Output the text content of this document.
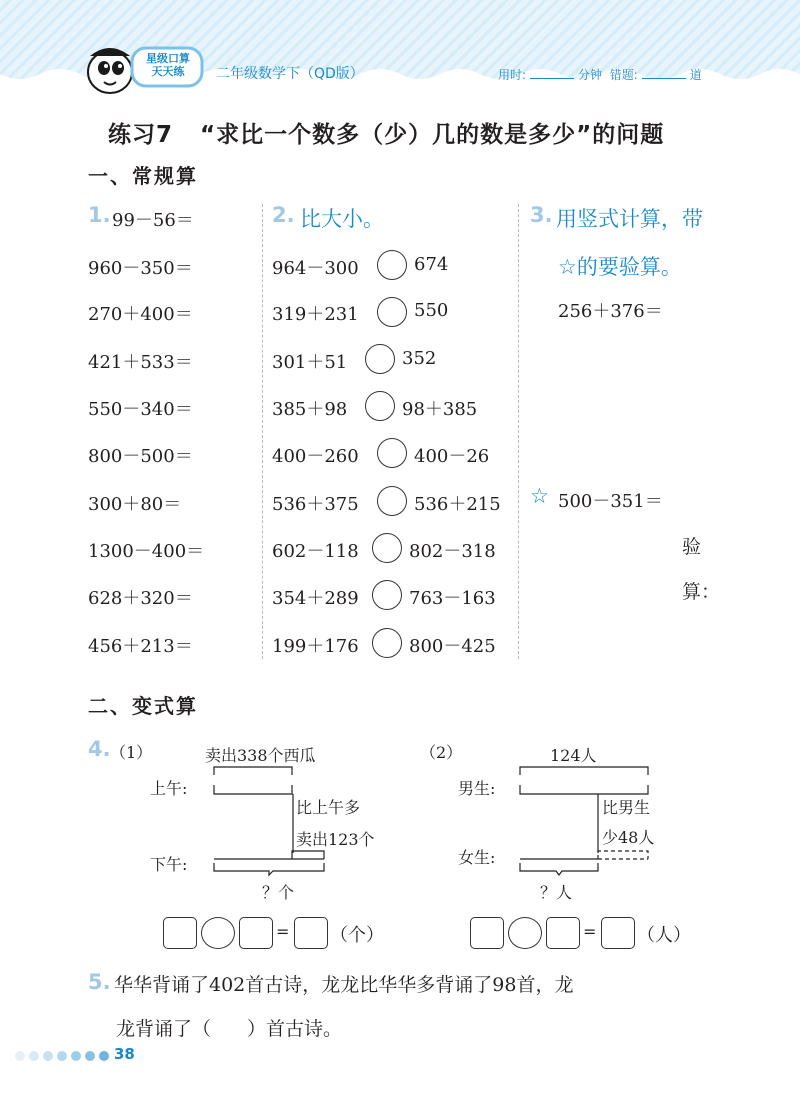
星级口算
天天练	二年级数学下（QD版）	用时:	分钟 错题:	道
练习7 “求比一个数多（少）几的数是多少”的问题
一、常规算
1. 99－56＝
960－350＝
270＋400＝
421＋533＝
550－340＝
800－500＝
300＋80＝
1300－400＝
628＋320＝
456＋213＝
2. 比大小。
964－300	674
319＋231	550
301＋51	352
385＋98	98＋385
400－260	400－26
536＋375	536＋215
602－118	802－318
354＋289	763－163
199＋176	800－425
3. 用竖式计算，带
☆的要验算。
256＋376＝
☆ 500－351＝
验
算：
二、变式算
4. （1）	（2）
卖出338个西瓜
上午:
比上午多
卖出123个
下午:
？个
124人
男生:
比男生
少48人
女生:
？人
= （个）	= （人）
5. 华华背诵了402首古诗，龙龙比华华多背诵了98首，龙
龙背诵了（ ）首古诗。
38
